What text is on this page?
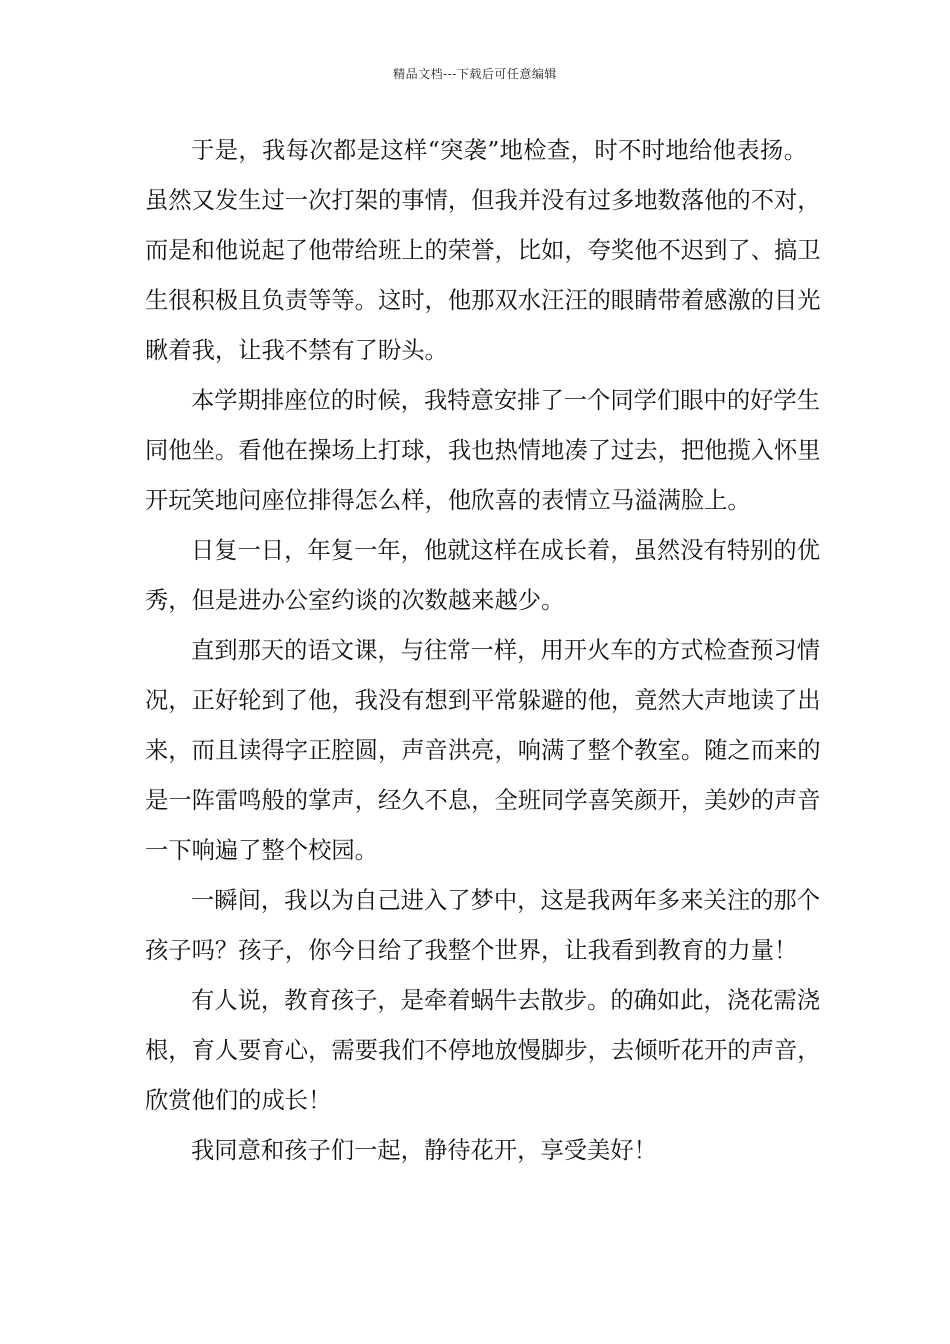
精品文档---下载后可任意编辑
于是，我每次都是这样“突袭”地检查，时不时地给他表扬。
虽然又发生过一次打架的事情，但我并没有过多地数落他的不对，
而是和他说起了他带给班上的荣誉，比如，夸奖他不迟到了、搞卫
生很积极且负责等等。这时，他那双水汪汪的眼睛带着感激的目光
瞅着我，让我不禁有了盼头。
本学期排座位的时候，我特意安排了一个同学们眼中的好学生
同他坐。看他在操场上打球，我也热情地凑了过去，把他揽入怀里
开玩笑地问座位排得怎么样，他欣喜的表情立马溢满脸上。
日复一日，年复一年，他就这样在成长着，虽然没有特别的优
秀，但是进办公室约谈的次数越来越少。
直到那天的语文课，与往常一样，用开火车的方式检查预习情
况，正好轮到了他，我没有想到平常躲避的他，竟然大声地读了出
来，而且读得字正腔圆，声音洪亮，响满了整个教室。随之而来的
是一阵雷鸣般的掌声，经久不息，全班同学喜笑颜开，美妙的声音
一下响遍了整个校园。
一瞬间，我以为自己进入了梦中，这是我两年多来关注的那个
孩子吗？孩子，你今日给了我整个世界，让我看到教育的力量！
有人说，教育孩子，是牵着蜗牛去散步。的确如此，浇花需浇
根，育人要育心，需要我们不停地放慢脚步，去倾听花开的声音，
欣赏他们的成长！
我同意和孩子们一起，静待花开，享受美好！
